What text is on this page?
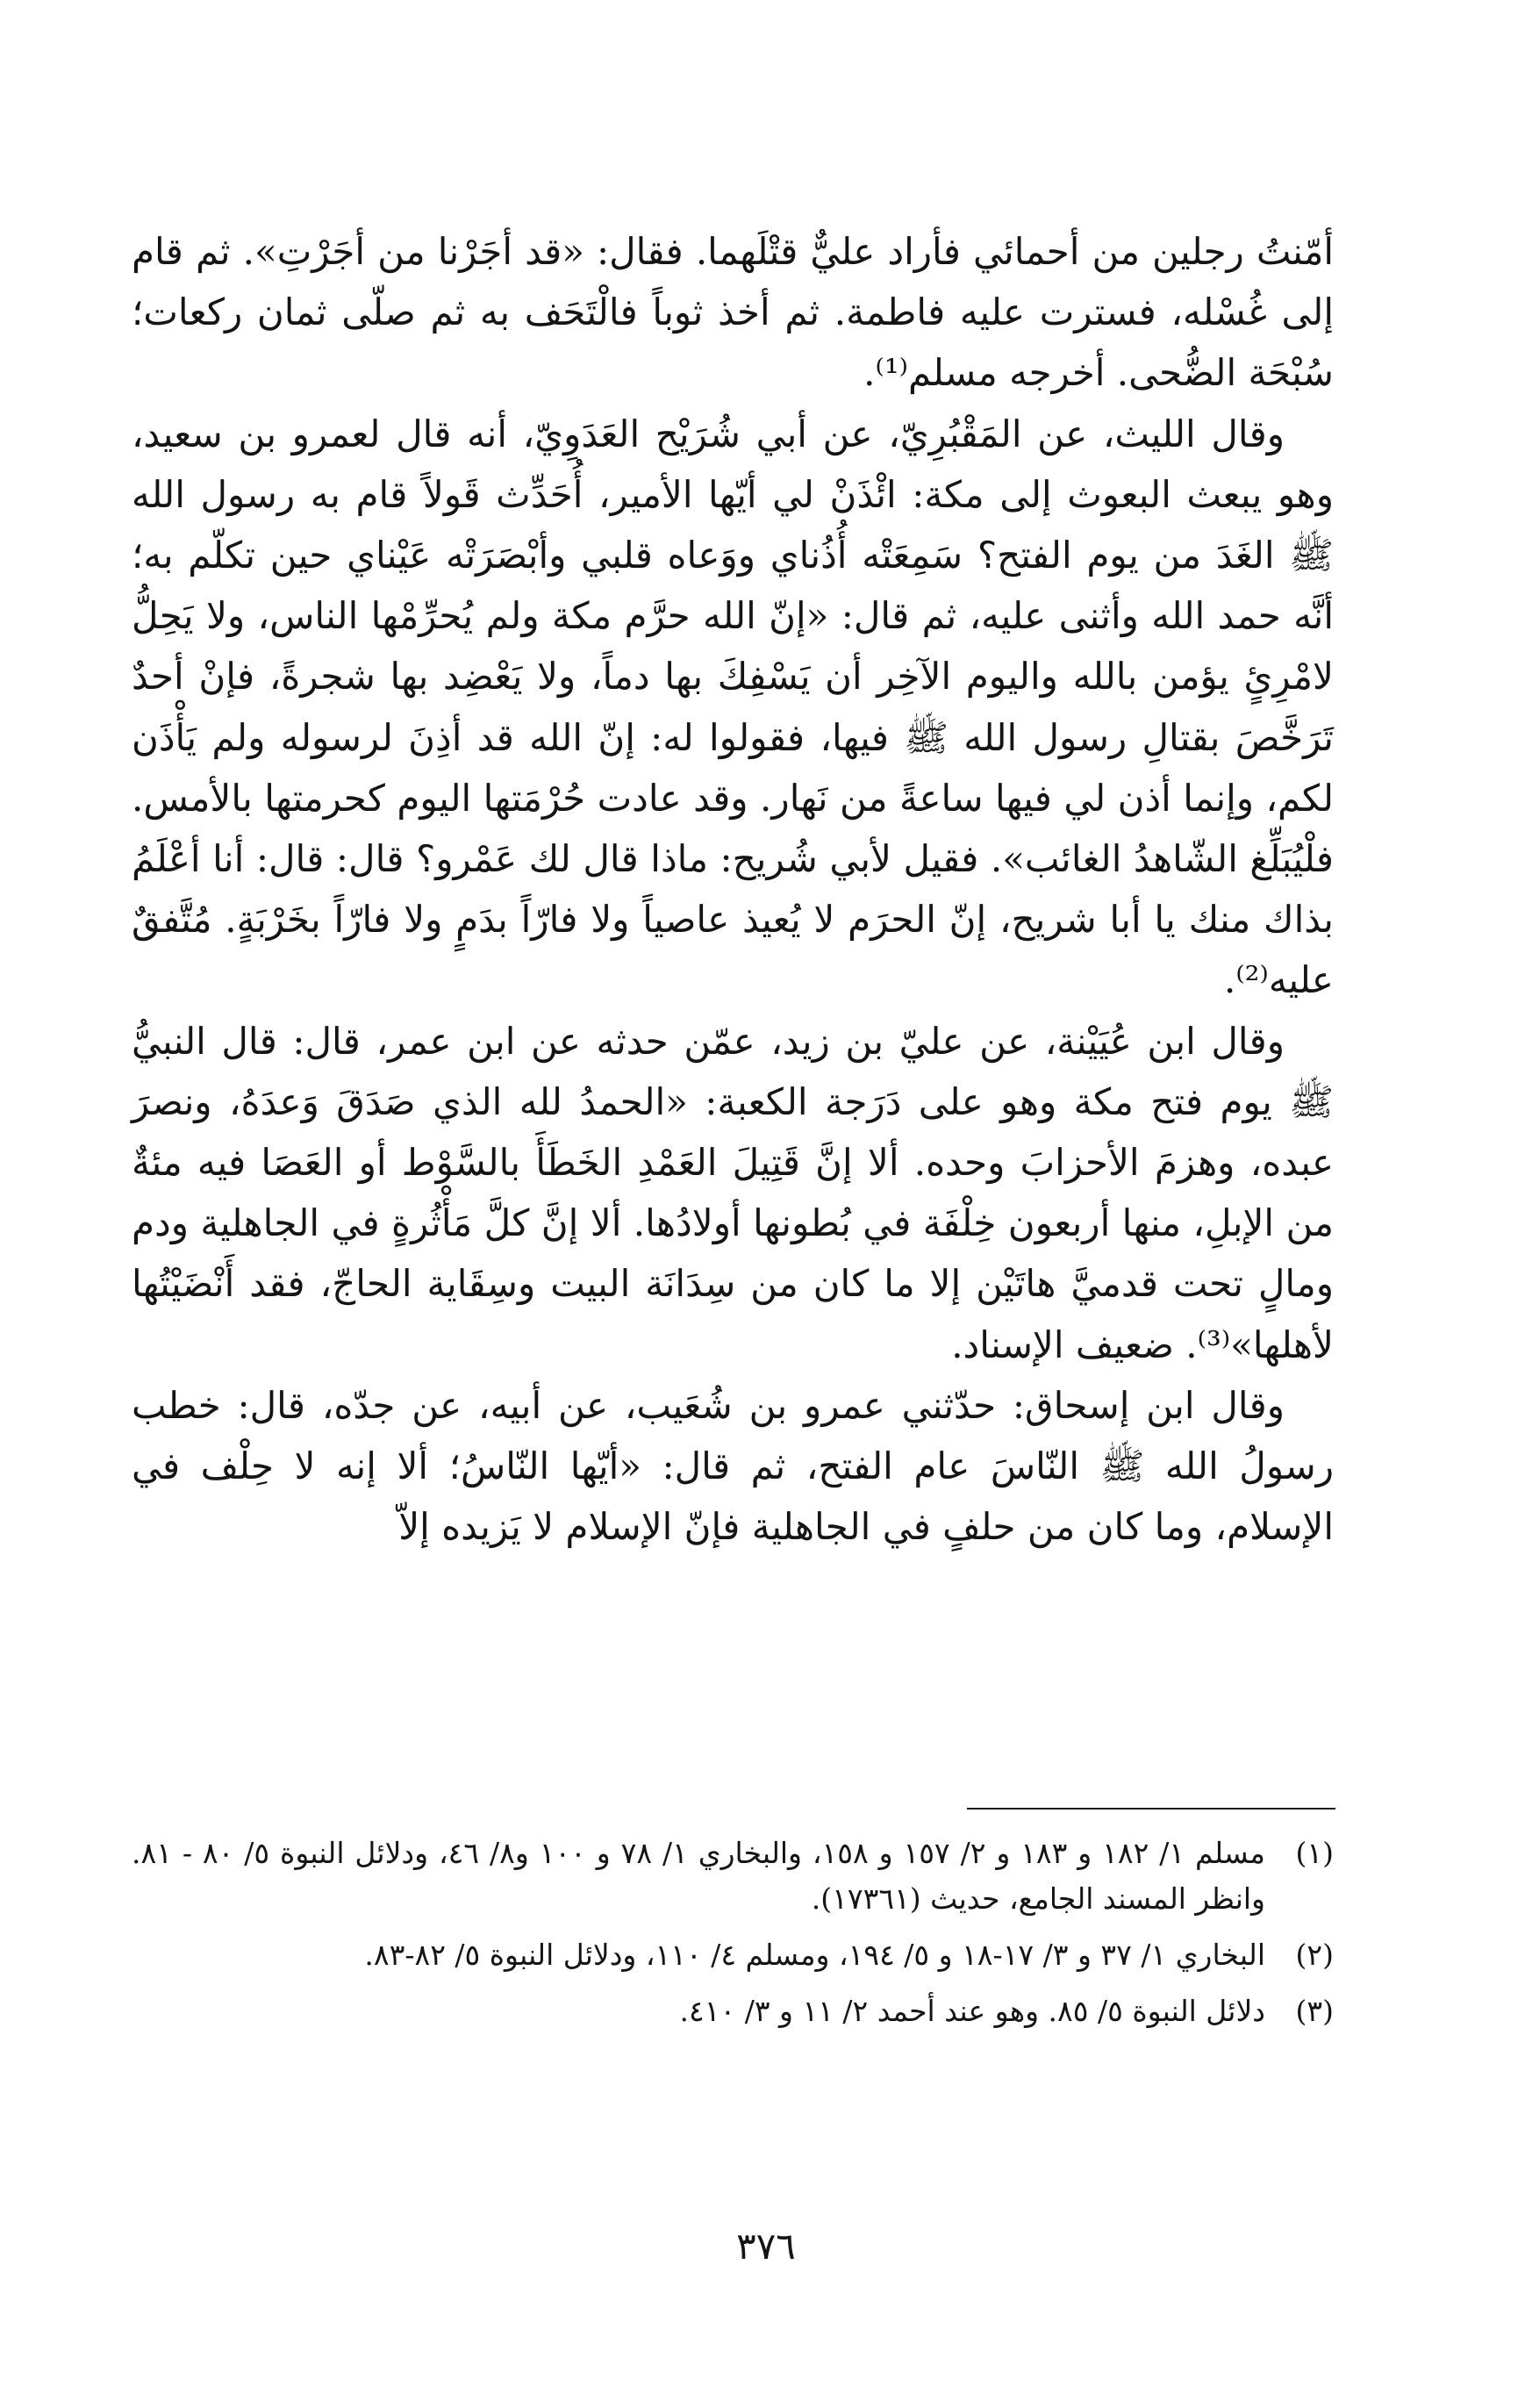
أمّنتُ رجلين من أحمائي فأراد عليٌّ قتْلَهما. فقال: «قد أجَرْنا من أجَرْتِ». ثم قام إلى غُسْله، فسترت عليه فاطمة. ثم أخذ ثوباً فالْتَحَف به ثم صلّى ثمان ركعات؛ سُبْحَة الضُّحى. أخرجه مسلم⁽¹⁾.

وقال الليث، عن المَقْبُرِيّ، عن أبي شُرَيْح العَدَوِيّ، أنه قال لعمرو بن سعيد، وهو يبعث البعوث إلى مكة: ائْذَنْ لي أيّها الأمير، أُحَدِّث قَولاً قام به رسول الله ﷺ الغَدَ من يوم الفتح؟ سَمِعَتْه أُذُناي ووَعاه قلبي وأبْصَرَتْه عَيْناي حين تكلّم به؛ أنَّه حمد الله وأثنى عليه، ثم قال: «إنّ الله حرَّم مكة ولم يُحرِّمْها الناس، ولا يَحِلُّ لامْرِئٍ يؤمن بالله واليوم الآخِر أن يَسْفِكَ بها دماً، ولا يَعْضِد بها شجرةً، فإنْ أحدٌ تَرَخَّصَ بقتالِ رسول الله ﷺ فيها، فقولوا له: إنّ الله قد أذِنَ لرسوله ولم يَأْذَن لكم، وإنما أذن لي فيها ساعةً من نَهار. وقد عادت حُرْمَتها اليوم كحرمتها بالأمس. فلْيُبَلِّغ الشّاهدُ الغائب». فقيل لأبي شُريح: ماذا قال لك عَمْرو؟ قال: قال: أنا أعْلَمُ بذاك منك يا أبا شريح، إنّ الحرَم لا يُعيذ عاصياً ولا فارّاً بدَمٍ ولا فارّاً بخَرْبَةٍ. مُتَّفقٌ عليه⁽²⁾.

وقال ابن عُيَيْنة، عن عليّ بن زيد، عمّن حدثه عن ابن عمر، قال: قال النبيُّ ﷺ يوم فتح مكة وهو على دَرَجة الكعبة: «الحمدُ لله الذي صَدَقَ وَعدَهُ، ونصرَ عبده، وهزمَ الأحزابَ وحده. ألا إنَّ قَتِيلَ العَمْدِ الخَطَأَ بالسَّوْط أو العَصَا فيه مئةٌ من الإبلِ، منها أربعون خِلْفَة في بُطونها أولادُها. ألا إنَّ كلَّ مَأْثُرةٍ في الجاهلية ودم ومالٍ تحت قدميَّ هاتَيْن إلا ما كان من سِدَانَة البيت وسِقَاية الحاجّ، فقد أَنْضَيْتُها لأهلها»⁽³⁾. ضعيف الإسناد.

وقال ابن إسحاق: حدّثني عمرو بن شُعَيب، عن أبيه، عن جدّه، قال: خطب رسولُ الله ﷺ النّاسَ عام الفتح، ثم قال: «أيّها النّاسُ؛ ألا إنه لا حِلْف في الإسلام، وما كان من حلفٍ في الجاهلية فإنّ الإسلام لا يَزيده إلاّ

(١)
مسلم ١/ ١٨٢ و ١٨٣ و ٢/ ١٥٧ و ١٥٨، والبخاري ١/ ٧٨ و ١٠٠ و٨/ ٤٦، ودلائل النبوة ٥/ ٨٠ - ٨١. وانظر المسند الجامع، حديث (١٧٣٦١).
(٢)
البخاري ١/ ٣٧ و ٣/ ١٧-١٨ و ٥/ ١٩٤، ومسلم ٤/ ١١٠، ودلائل النبوة ٥/ ٨٢-٨٣.
(٣)
دلائل النبوة ٥/ ٨٥. وهو عند أحمد ٢/ ١١ و ٣/ ٤١٠.
٣٧٦
